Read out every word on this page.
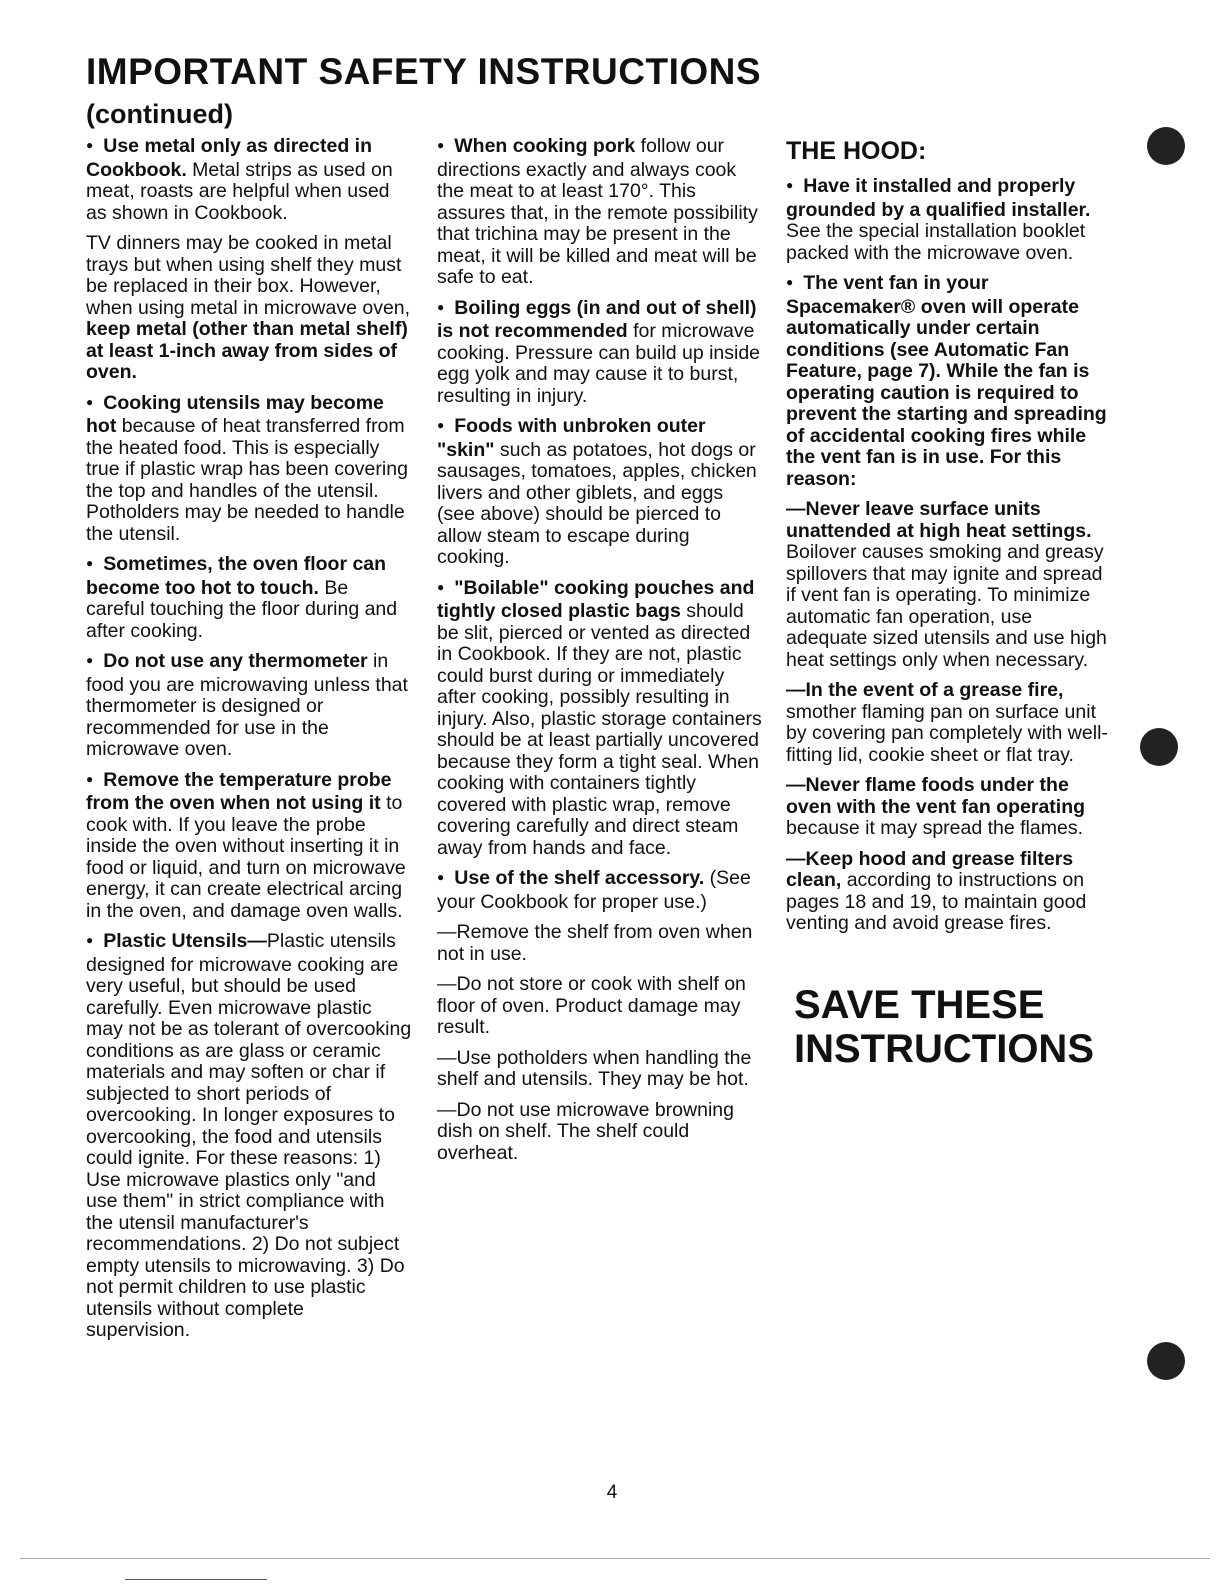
IMPORTANT SAFETY INSTRUCTIONS
(continued)

● Use metal only as directed in Cookbook. Metal strips as used on meat, roasts are helpful when used as shown in Cookbook.

TV dinners may be cooked in metal trays but when using shelf they must be replaced in their box. However, when using metal in microwave oven, keep metal (other than metal shelf) at least 1-inch away from sides of oven.

● Cooking utensils may become hot because of heat transferred from the heated food. This is especially true if plastic wrap has been covering the top and handles of the utensil. Potholders may be needed to handle the utensil.

● Sometimes, the oven floor can become too hot to touch. Be careful touching the floor during and after cooking.

● Do not use any thermometer in food you are microwaving unless that thermometer is designed or recommended for use in the microwave oven.

● Remove the temperature probe from the oven when not using it to cook with. If you leave the probe inside the oven without inserting it in food or liquid, and turn on microwave energy, it can create electrical arcing in the oven, and damage oven walls.

● Plastic Utensils—Plastic utensils designed for microwave cooking are very useful, but should be used carefully. Even microwave plastic may not be as tolerant of overcooking conditions as are glass or ceramic materials and may soften or char if subjected to short periods of overcooking. In longer exposures to overcooking, the food and utensils could ignite. For these reasons: 1) Use microwave plastics only "and use them" in strict compliance with the utensil manufacturer's recommendations. 2) Do not subject empty utensils to microwaving. 3) Do not permit children to use plastic utensils without complete supervision.

● When cooking pork follow our directions exactly and always cook the meat to at least 170°. This assures that, in the remote possibility that trichina may be present in the meat, it will be killed and meat will be safe to eat.

● Boiling eggs (in and out of shell) is not recommended for microwave cooking. Pressure can build up inside egg yolk and may cause it to burst, resulting in injury.

● Foods with unbroken outer "skin" such as potatoes, hot dogs or sausages, tomatoes, apples, chicken livers and other giblets, and eggs (see above) should be pierced to allow steam to escape during cooking.

● "Boilable" cooking pouches and tightly closed plastic bags should be slit, pierced or vented as directed in Cookbook. If they are not, plastic could burst during or immediately after cooking, possibly resulting in injury. Also, plastic storage containers should be at least partially uncovered because they form a tight seal. When cooking with containers tightly covered with plastic wrap, remove covering carefully and direct steam away from hands and face.

● Use of the shelf accessory. (See your Cookbook for proper use.)

—Remove the shelf from oven when not in use.

—Do not store or cook with shelf on floor of oven. Product damage may result.

—Use potholders when handling the shelf and utensils. They may be hot.

—Do not use microwave browning dish on shelf. The shelf could overheat.

THE HOOD:

● Have it installed and properly grounded by a qualified installer. See the special installation booklet packed with the microwave oven.

● The vent fan in your Spacemaker® oven will operate automatically under certain conditions (see Automatic Fan Feature, page 7). While the fan is operating caution is required to prevent the starting and spreading of accidental cooking fires while the vent fan is in use. For this reason:

—Never leave surface units unattended at high heat settings. Boilover causes smoking and greasy spillovers that may ignite and spread if vent fan is operating. To minimize automatic fan operation, use adequate sized utensils and use high heat settings only when necessary.

—In the event of a grease fire, smother flaming pan on surface unit by covering pan completely with well-fitting lid, cookie sheet or flat tray.

—Never flame foods under the oven with the vent fan operating because it may spread the flames.

—Keep hood and grease filters clean, according to instructions on pages 18 and 19, to maintain good venting and avoid grease fires.

SAVE THESE
INSTRUCTIONS
4
